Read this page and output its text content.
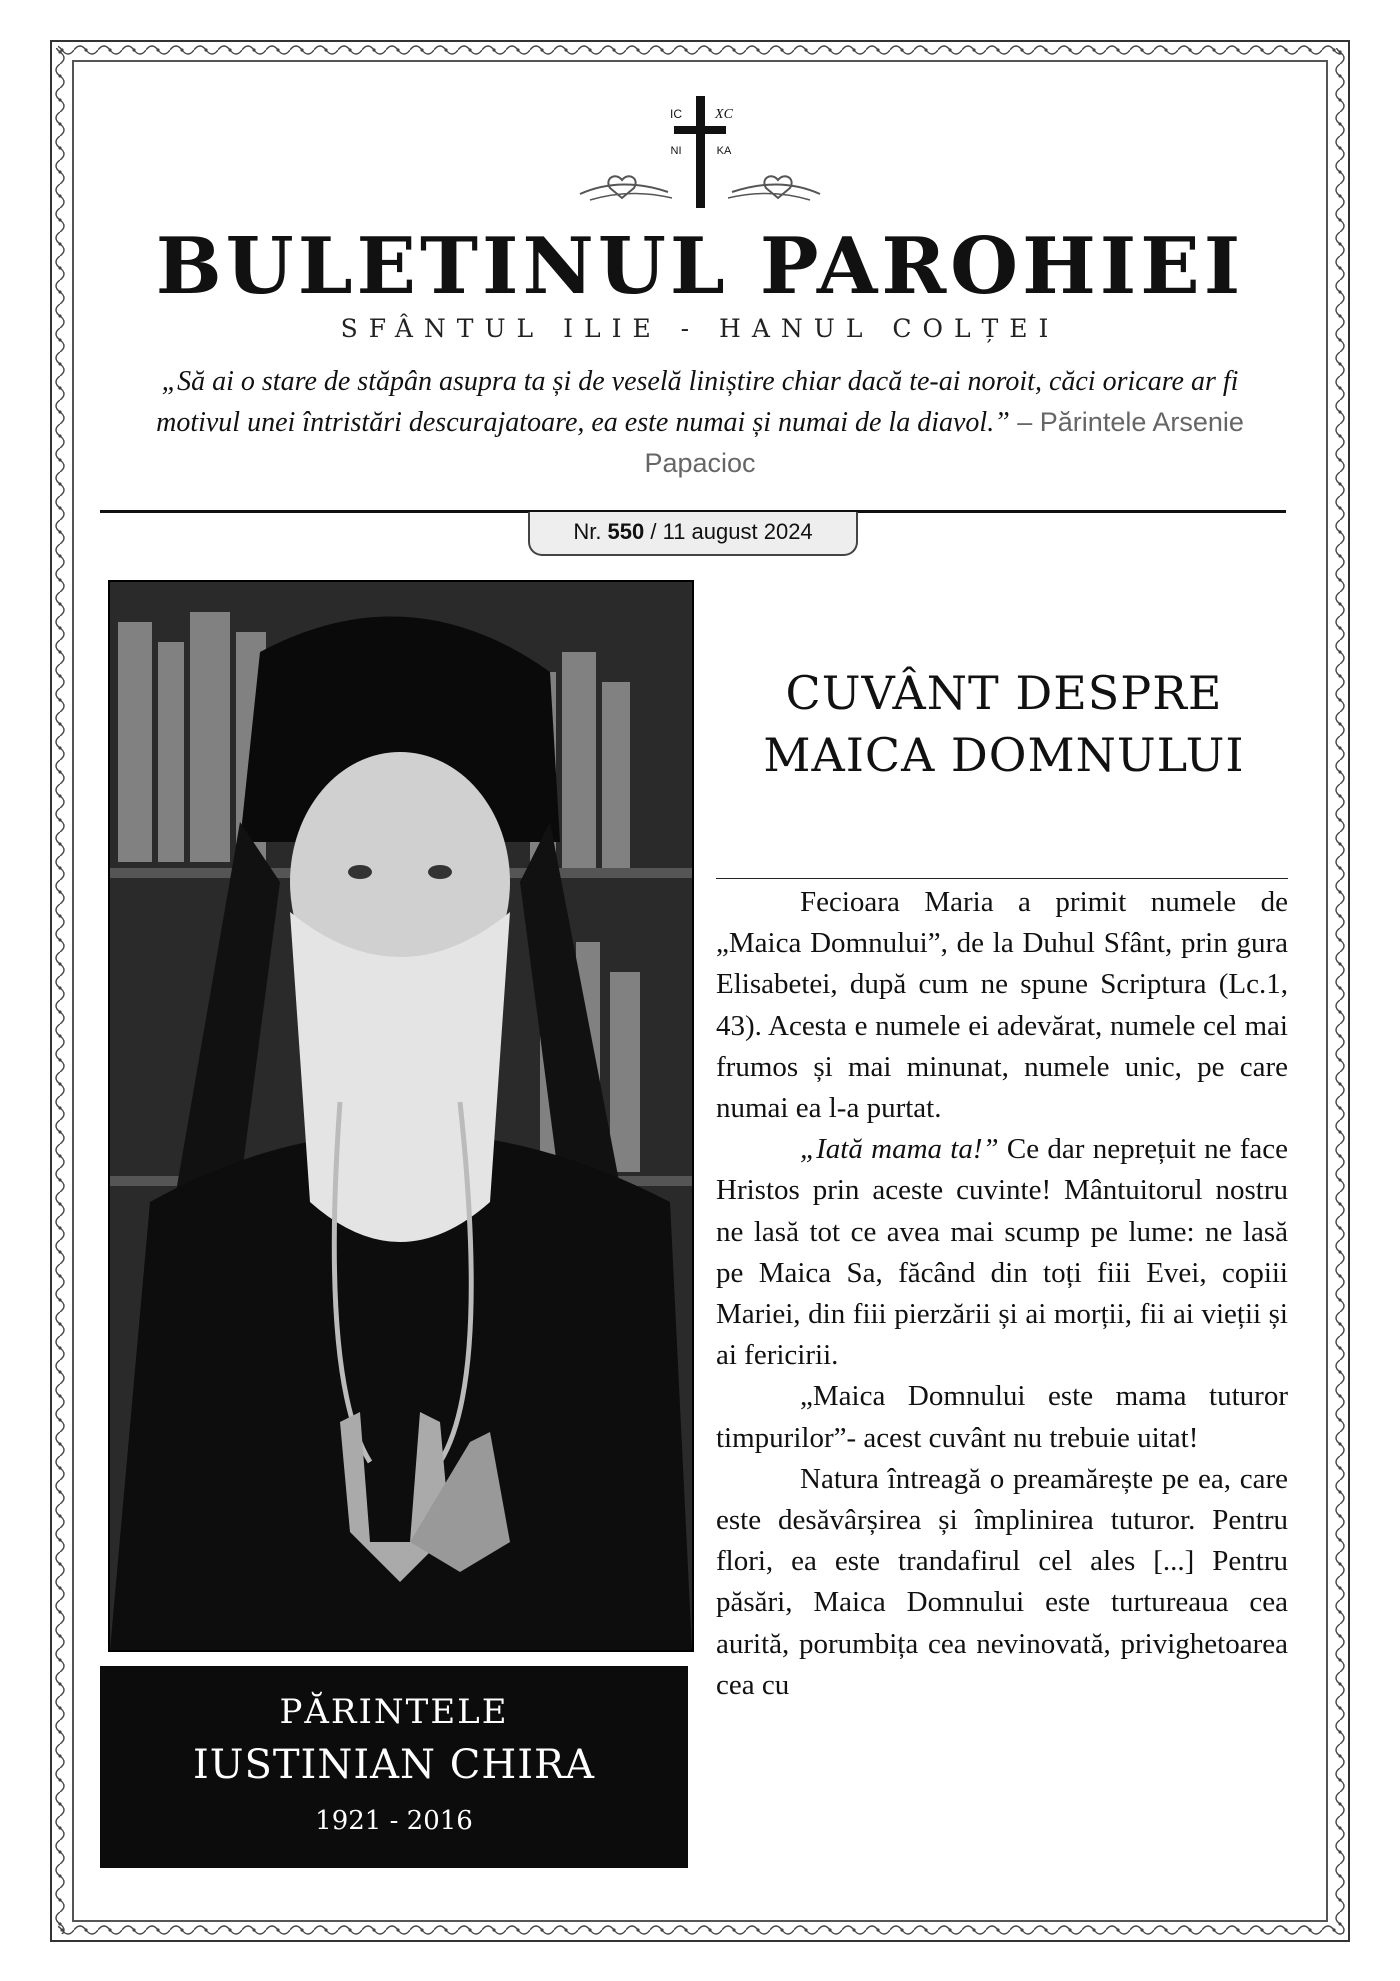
IC XC
NI	KA
BULETINUL PAROHIEI
SFÂNTUL ILIE - HANUL COLȚEI
„Să ai o stare de stăpân asupra ta și de veselă liniștire chiar dacă te-ai noroit, căci oricare ar fi motivul unei întristări descurajatoare, ea este numai și numai de la diavol.” – Părintele Arsenie Papacioc
Nr. 550 / 11 august 2024
PĂRINTELE
IUSTINIAN CHIRA
1921 - 2016
CUVÂNT DESPRE
MAICA DOMNULUI

Fecioara Maria a primit numele de „Maica Domnului”, de la Duhul Sfânt, prin gura Elisabetei, după cum ne spune Scriptura (Lc.1, 43). Acesta e numele ei adevărat, numele cel mai frumos și mai minunat, numele unic, pe care numai ea l-a purtat.

„Iată mama ta!” Ce dar neprețuit ne face Hristos prin aceste cuvinte! Mântuitorul nostru ne lasă tot ce avea mai scump pe lume: ne lasă pe Maica Sa, făcând din toți fiii Evei, copiii Mariei, din fiii pierzării și ai morții, fii ai vieții și ai fericirii.

„Maica Domnului este mama tuturor timpurilor”- acest cuvânt nu trebuie uitat!

Natura întreagă o preamărește pe ea, care este desăvârșirea și împlinirea tuturor. Pentru flori, ea este trandafirul cel ales [...] Pentru păsări, Maica Domnului este turtureaua cea aurită, porumbița cea nevinovată, privighetoarea cea cu
